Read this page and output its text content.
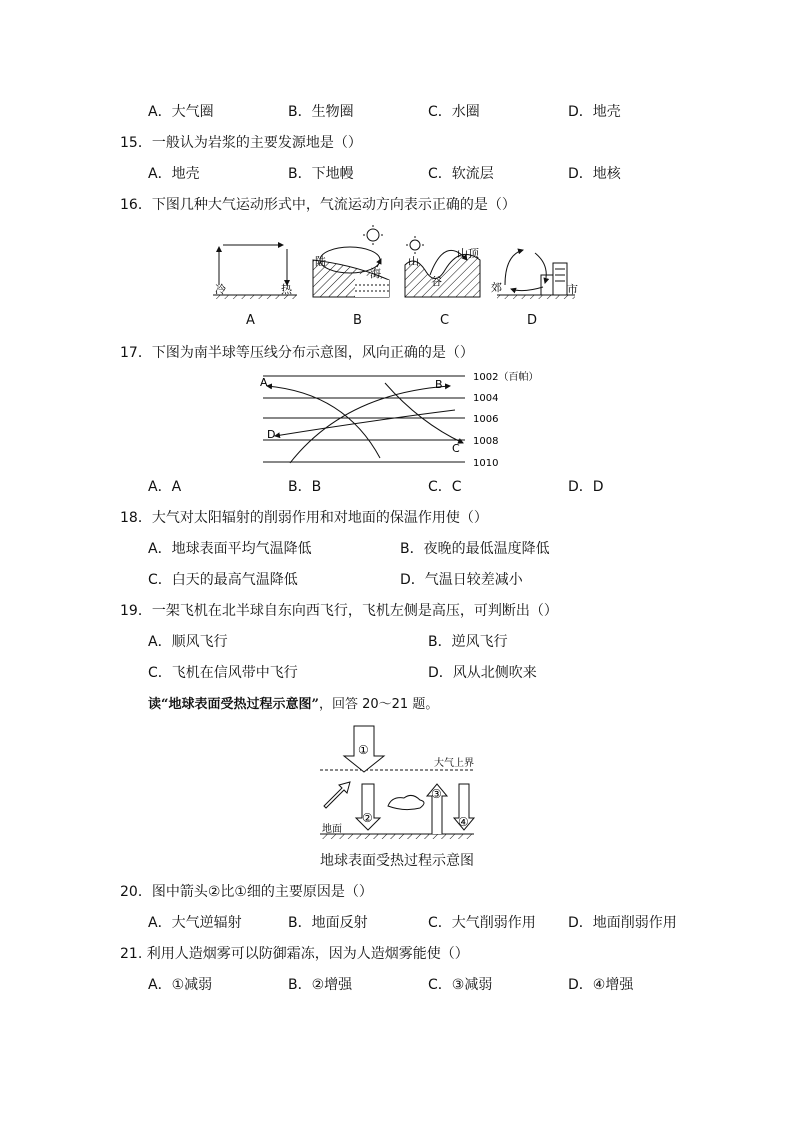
A．大气圈	B．生物圈	C．水圈	D．地壳
15．一般认为岩浆的主要发源地是（）
A．地壳	B．下地幔	C．软流层	D．地核
16．下图几种大气运动形式中，气流运动方向表示正确的是（）
冷	热
陆
海
山
谷
山顶
郊	市
A	B	C	D
17．下图为南半球等压线分布示意图，风向正确的是（）
A	B
C
D
1002（百帕）
1004
1006
1008
1010
A．A	B．B	C．C	D．D
18．大气对太阳辐射的削弱作用和对地面的保温作用使（）
A．地球表面平均气温降低	B．夜晚的最低温度降低
C．白天的最高气温降低	D．气温日较差减小
19．一架飞机在北半球自东向西飞行，飞机左侧是高压，可判断出（）
A．顺风飞行	B．逆风飞行
C．飞机在信风带中飞行	D．风从北侧吹来
读“地球表面受热过程示意图”，回答 20～21 题。
大气上界
地面
①
②
③
④
地球表面受热过程示意图
20．图中箭头②比①细的主要原因是（）
A．大气逆辐射	B．地面反射	C．大气削弱作用 D．地面削弱作用
21. 利用人造烟雾可以防御霜冻，因为人造烟雾能使（）
A．①减弱	B．②增强	C．③减弱	D．④增强
